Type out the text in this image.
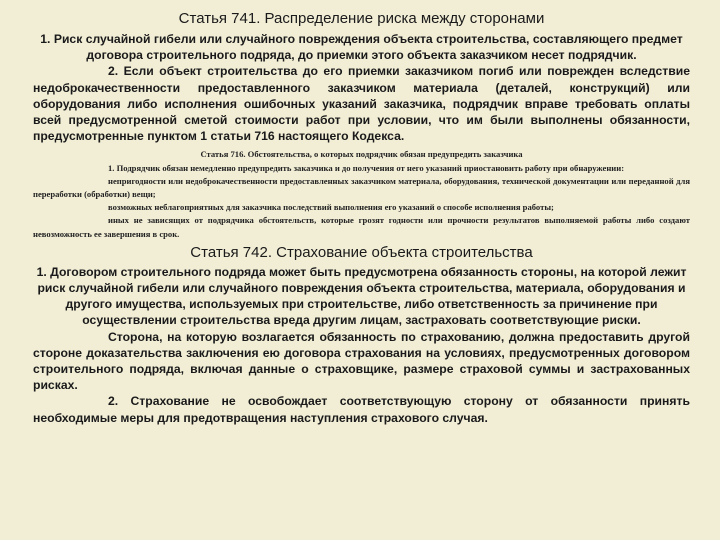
Статья 741. Распределение риска между сторонами

1. Риск случайной гибели или случайного повреждения объекта строительства, составляющего предмет договора строительного подряда, до приемки этого объекта заказчиком несет подрядчик.

2. Если объект строительства до его приемки заказчиком погиб или поврежден вследствие недоброкачественности предоставленного заказчиком материала (деталей, конструкций) или оборудования либо исполнения ошибочных указаний заказчика, подрядчик вправе требовать оплаты всей предусмотренной сметой стоимости работ при условии, что им были выполнены обязанности, предусмотренные пунктом 1 статьи 716 настоящего Кодекса.

Статья 716. Обстоятельства, о которых подрядчик обязан предупредить заказчика

1. Подрядчик обязан немедленно предупредить заказчика и до получения от него указаний приостановить работу при обнаружении:

непригодности или недоброкачественности предоставленных заказчиком материала, оборудования, технической документации или переданной для переработки (обработки) вещи;

возможных неблагоприятных для заказчика последствий выполнения его указаний о способе исполнения работы;

иных не зависящих от подрядчика обстоятельств, которые грозят годности или прочности результатов выполняемой работы либо создают невозможность ее завершения в срок.

Статья 742. Страхование объекта строительства

1. Договором строительного подряда может быть предусмотрена обязанность стороны, на которой лежит риск случайной гибели или случайного повреждения объекта строительства, материала, оборудования и другого имущества, используемых при строительстве, либо ответственность за причинение при осуществлении строительства вреда другим лицам, застраховать соответствующие риски.

Сторона, на которую возлагается обязанность по страхованию, должна предоставить другой стороне доказательства заключения ею договора страхования на условиях, предусмотренных договором строительного подряда, включая данные о страховщике, размере страховой суммы и застрахованных рисках.

2. Страхование не освобождает соответствующую сторону от обязанности принять необходимые меры для предотвращения наступления страхового случая.
